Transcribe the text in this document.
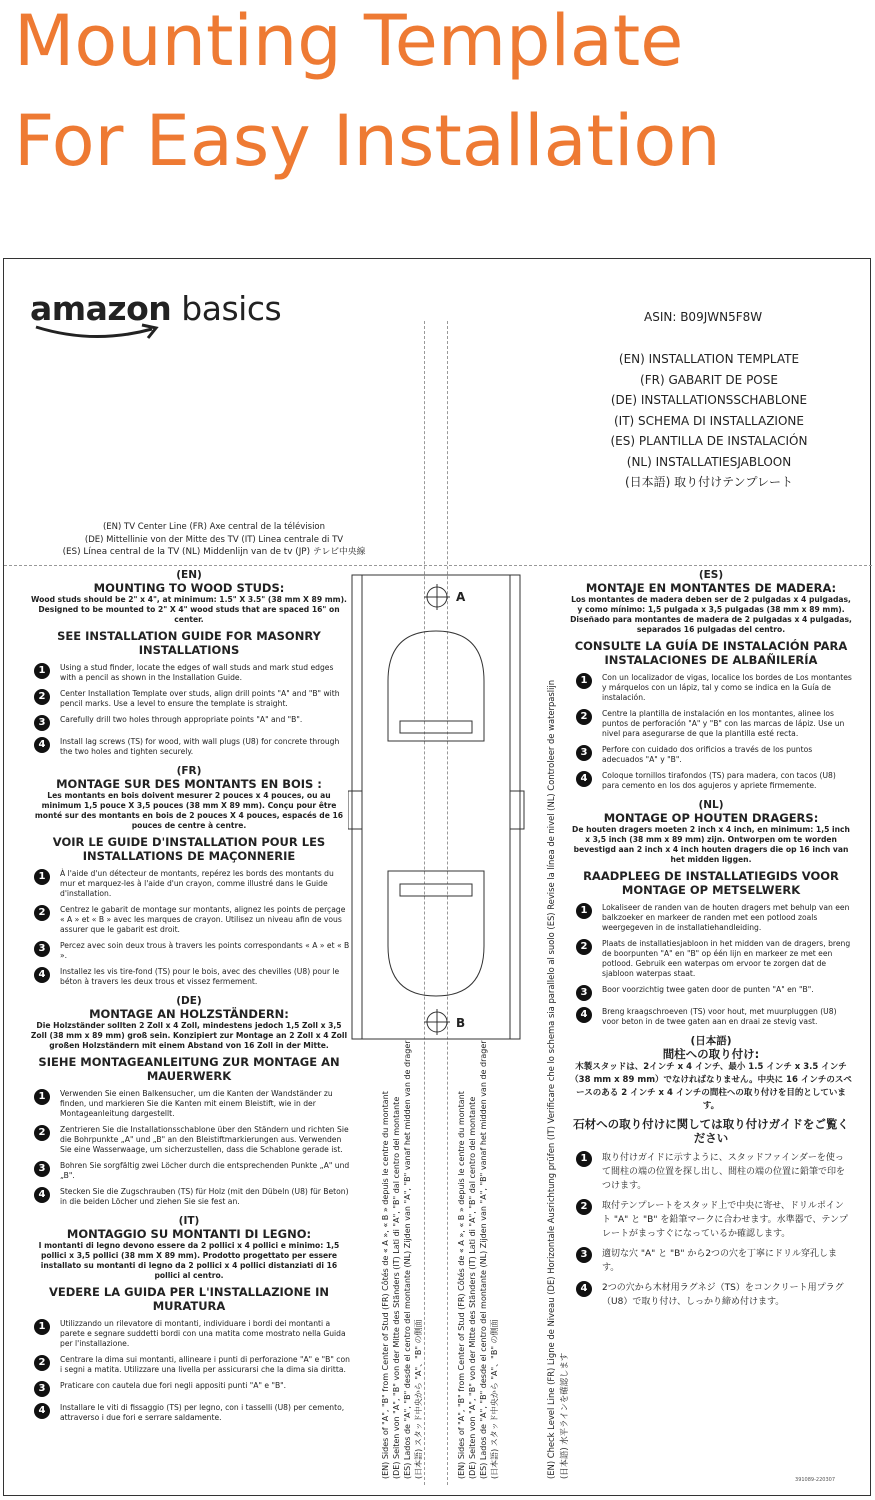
Mounting Template
For Easy Installation
amazon basics	ASIN: B09JWN5F8W
(EN) INSTALLATION TEMPLATE
(FR) GABARIT DE POSE
(DE) INSTALLATIONSSCHABLONE
(IT) SCHEMA DI INSTALLAZIONE
(ES) PLANTILLA DE INSTALACIÓN
(NL) INSTALLATIESJABLOON
(日本語) 取り付けテンプレート
(EN) TV Center Line (FR) Axe central de la télévision
(DE) Mittellinie von der Mitte des TV (IT) Linea centrale di TV
(ES) Línea central de la TV (NL) Middenlijn van de tv (JP) テレビ中央線
A
B
(EN)
MOUNTING TO WOOD STUDS:
Wood studs should be 2" x 4", at minimum: 1.5" X 3.5" (38 mm X 89 mm). Designed to be mounted to 2" X 4" wood studs that are spaced 16" on center.
SEE INSTALLATION GUIDE FOR MASONRY INSTALLATIONS
1	Using a stud finder, locate the edges of wall studs and mark stud edges with a pencil as shown in the Installation Guide.
2	Center Installation Template over studs, align drill points "A" and "B" with pencil marks. Use a level to ensure the template is straight.
3	Carefully drill two holes through appropriate points "A" and "B".
4	Install lag screws (TS) for wood, with wall plugs (U8) for concrete through the two holes and tighten securely.
(FR)
MONTAGE SUR DES MONTANTS EN BOIS :
Les montants en bois doivent mesurer 2 pouces x 4 pouces, ou au minimum 1,5 pouce X 3,5 pouces (38 mm X 89 mm). Conçu pour être monté sur des montants en bois de 2 pouces X 4 pouces, espacés de 16 pouces de centre à centre.
VOIR LE GUIDE D'INSTALLATION POUR LES INSTALLATIONS DE MAÇONNERIE
1	À l'aide d'un détecteur de montants, repérez les bords des montants du mur et marquez-les à l'aide d'un crayon, comme illustré dans le Guide d'installation.
2	Centrez le gabarit de montage sur montants, alignez les points de perçage « A » et « B » avec les marques de crayon. Utilisez un niveau afin de vous assurer que le gabarit est droit.
3	Percez avec soin deux trous à travers les points correspondants « A » et « B ».
4	Installez les vis tire-fond (TS) pour le bois, avec des chevilles (U8) pour le béton à travers les deux trous et vissez fermement.
(DE)
MONTAGE AN HOLZSTÄNDERN:
Die Holzständer sollten 2 Zoll x 4 Zoll, mindestens jedoch 1,5 Zoll x 3,5 Zoll (38 mm x 89 mm) groß sein. Konzipiert zur Montage an 2 Zoll x 4 Zoll großen Holzständern mit einem Abstand von 16 Zoll in der Mitte.
SIEHE MONTAGEANLEITUNG ZUR MONTAGE AN MAUERWERK
1	Verwenden Sie einen Balkensucher, um die Kanten der Wandständer zu finden, und markieren Sie die Kanten mit einem Bleistift, wie in der Montageanleitung dargestellt.
2	Zentrieren Sie die Installationsschablone über den Ständern und richten Sie die Bohrpunkte „A" und „B" an den Bleistiftmarkierungen aus. Verwenden Sie eine Wasserwaage, um sicherzustellen, dass die Schablone gerade ist.
3	Bohren Sie sorgfältig zwei Löcher durch die entsprechenden Punkte „A" und „B".
4	Stecken Sie die Zugschrauben (TS) für Holz (mit den Dübeln (U8) für Beton) in die beiden Löcher und ziehen Sie sie fest an.
(IT)
MONTAGGIO SU MONTANTI DI LEGNO:
I montanti di legno devono essere da 2 pollici x 4 pollici e minimo: 1,5 pollici x 3,5 pollici (38 mm X 89 mm). Prodotto progettato per essere installato su montanti di legno da 2 pollici x 4 pollici distanziati di 16 pollici al centro.
VEDERE LA GUIDA PER L'INSTALLAZIONE IN MURATURA
1	Utilizzando un rilevatore di montanti, individuare i bordi dei montanti a parete e segnare suddetti bordi con una matita come mostrato nella Guida per l'installazione.
2	Centrare la dima sui montanti, allineare i punti di perforazione "A" e "B" con i segni a matita. Utilizzare una livella per assicurarsi che la dima sia diritta.
3	Praticare con cautela due fori negli appositi punti "A" e "B".
4	Installare le viti di fissaggio (TS) per legno, con i tasselli (U8) per cemento, attraverso i due fori e serrare saldamente.
(ES)
MONTAJE EN MONTANTES DE MADERA:
Los montantes de madera deben ser de 2 pulgadas x 4 pulgadas, y como mínimo: 1,5 pulgada x 3,5 pulgadas (38 mm x 89 mm). Diseñado para montantes de madera de 2 pulgadas x 4 pulgadas, separados 16 pulgadas del centro.
CONSULTE LA GUÍA DE INSTALACIÓN PARA INSTALACIONES DE ALBAÑILERÍA
1	Con un localizador de vigas, localice los bordes de Los montantes y márquelos con un lápiz, tal y como se indica en la Guía de instalación.
2	Centre la plantilla de instalación en los montantes, alinee los puntos de perforación "A" y "B" con las marcas de lápiz. Use un nivel para asegurarse de que la plantilla esté recta.
3	Perfore con cuidado dos orificios a través de los puntos adecuados "A" y "B".
4	Coloque tornillos tirafondos (TS) para madera, con tacos (U8) para cemento en los dos agujeros y apriete firmemente.
(NL)
MONTAGE OP HOUTEN DRAGERS:
De houten dragers moeten 2 inch x 4 inch, en minimum: 1,5 inch x 3,5 inch (38 mm x 89 mm) zijn. Ontworpen om te worden bevestigd aan 2 inch x 4 inch houten dragers die op 16 inch van het midden liggen.
RAADPLEEG DE INSTALLATIEGIDS VOOR MONTAGE OP METSELWERK
1	Lokaliseer de randen van de houten dragers met behulp van een balkzoeker en markeer de randen met een potlood zoals weergegeven in de installatiehandleiding.
2	Plaats de installatiesjabloon in het midden van de dragers, breng de boorpunten "A" en "B" op één lijn en markeer ze met een potlood. Gebruik een waterpas om ervoor te zorgen dat de sjabloon waterpas staat.
3	Boor voorzichtig twee gaten door de punten "A" en "B".
4	Breng kraagschroeven (TS) voor hout, met muurpluggen (U8) voor beton in de twee gaten aan en draai ze stevig vast.
(日本語)
間柱への取り付け:
木製スタッドは、2インチ x 4 インチ、最小 1.5 インチ x 3.5 インチ（38 mm x 89 mm）でなければなりません。中央に 16 インチのスペースのある 2 インチ x 4 インチの間柱への取り付けを目的としています。
石材への取り付けに関しては取り付けガイドをご覧ください
1	取り付けガイドに示すように、スタッドファインダーを使って間柱の端の位置を探し出し、間柱の端の位置に鉛筆で印をつけます。
2	取付テンプレートをスタッド上で中央に寄せ、ドリルポイント "A" と "B" を鉛筆マークに合わせます。水準器で、テンプレートがまっすぐになっているか確認します。
3	適切な穴 "A" と "B" から2つの穴を丁寧にドリル穿孔します。
4	2つの穴から木材用ラグネジ（TS）をコンクリート用プラグ（U8）で取り付け、しっかり締め付けます。
(EN) Sides of "A", "B" from Center of Stud (FR) Côtés de « A », « B » depuis le centre du montant (DE) Seiten von "A", "B" von der Mitte des Ständers (IT) Lati di "A", "B" dal centro del montante (ES) Lados de "A", "B" desde el centro del montante (NL) Zijden van "A", "B" vanaf het midden van de drager (日本語) スタッド中央から "A"、"B" の側面	(EN) Sides of "A", "B" from Center of Stud (FR) Côtés de « A », « B » depuis le centre du montant (DE) Seiten von "A", "B" von der Mitte des Ständers (IT) Lati di "A", "B" dal centro del montante (ES) Lados de "A", "B" desde el centro del montante (NL) Zijden van "A", "B" vanaf het midden van de drager (日本語) スタッド中央から "A"、"B" の側面	(EN) Check Level Line (FR) Ligne de Niveau (DE) Horizontale Ausrichtung prüfen (IT) Verificare che lo schema sia parallelo al suolo (ES) Revise la línea de nivel (NL) Controleer de waterpaslijn (日本語) 水平ラインを確認します
391089-220307
